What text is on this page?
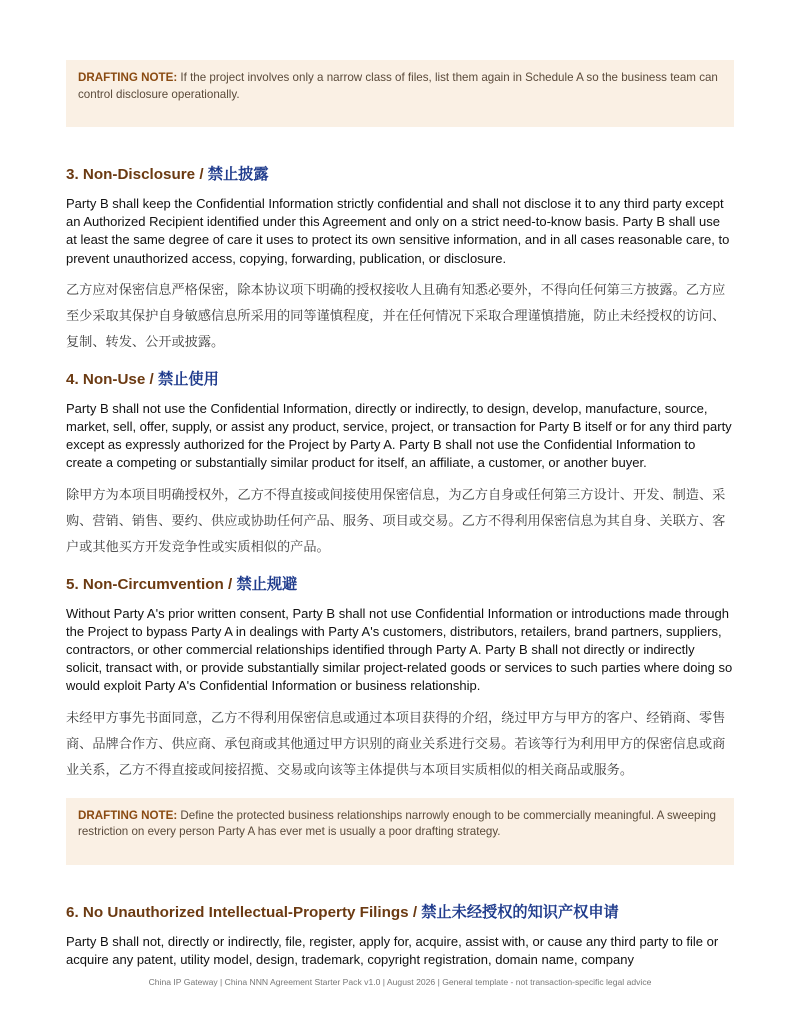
DRAFTING NOTE: If the project involves only a narrow class of files, list them again in Schedule A so the business team can control disclosure operationally.
3. Non-Disclosure / 禁止披露

Party B shall keep the Confidential Information strictly confidential and shall not disclose it to any third party except an Authorized Recipient identified under this Agreement and only on a strict need-to-know basis. Party B shall use at least the same degree of care it uses to protect its own sensitive information, and in all cases reasonable care, to prevent unauthorized access, copying, forwarding, publication, or disclosure.

乙方应对保密信息严格保密，除本协议项下明确的授权接收人且确有知悉必要外，不得向任何第三方披露。乙方应至少采取其保护自身敏感信息所采用的同等谨慎程度，并在任何情况下采取合理谨慎措施，防止未经授权的访问、复制、转发、公开或披露。

4. Non-Use / 禁止使用

Party B shall not use the Confidential Information, directly or indirectly, to design, develop, manufacture, source, market, sell, offer, supply, or assist any product, service, project, or transaction for Party B itself or for any third party except as expressly authorized for the Project by Party A. Party B shall not use the Confidential Information to create a competing or substantially similar product for itself, an affiliate, a customer, or another buyer.

除甲方为本项目明确授权外，乙方不得直接或间接使用保密信息，为乙方自身或任何第三方设计、开发、制造、采购、营销、销售、要约、供应或协助任何产品、服务、项目或交易。乙方不得利用保密信息为其自身、关联方、客户或其他买方开发竞争性或实质相似的产品。

5. Non-Circumvention / 禁止规避

Without Party A's prior written consent, Party B shall not use Confidential Information or introductions made through the Project to bypass Party A in dealings with Party A's customers, distributors, retailers, brand partners, suppliers, contractors, or other commercial relationships identified through Party A. Party B shall not directly or indirectly solicit, transact with, or provide substantially similar project-related goods or services to such parties where doing so would exploit Party A's Confidential Information or business relationship.

未经甲方事先书面同意，乙方不得利用保密信息或通过本项目获得的介绍，绕过甲方与甲方的客户、经销商、零售商、品牌合作方、供应商、承包商或其他通过甲方识别的商业关系进行交易。若该等行为利用甲方的保密信息或商业关系，乙方不得直接或间接招揽、交易或向该等主体提供与本项目实质相似的相关商品或服务。

DRAFTING NOTE: Define the protected business relationships narrowly enough to be commercially meaningful. A sweeping restriction on every person Party A has ever met is usually a poor drafting strategy.
6. No Unauthorized Intellectual-Property Filings / 禁止未经授权的知识产权申请

Party B shall not, directly or indirectly, file, register, apply for, acquire, assist with, or cause any third party to file or acquire any patent, utility model, design, trademark, copyright registration, domain name, company

China IP Gateway | China NNN Agreement Starter Pack v1.0 | August 2026 | General template - not transaction-specific legal advice
